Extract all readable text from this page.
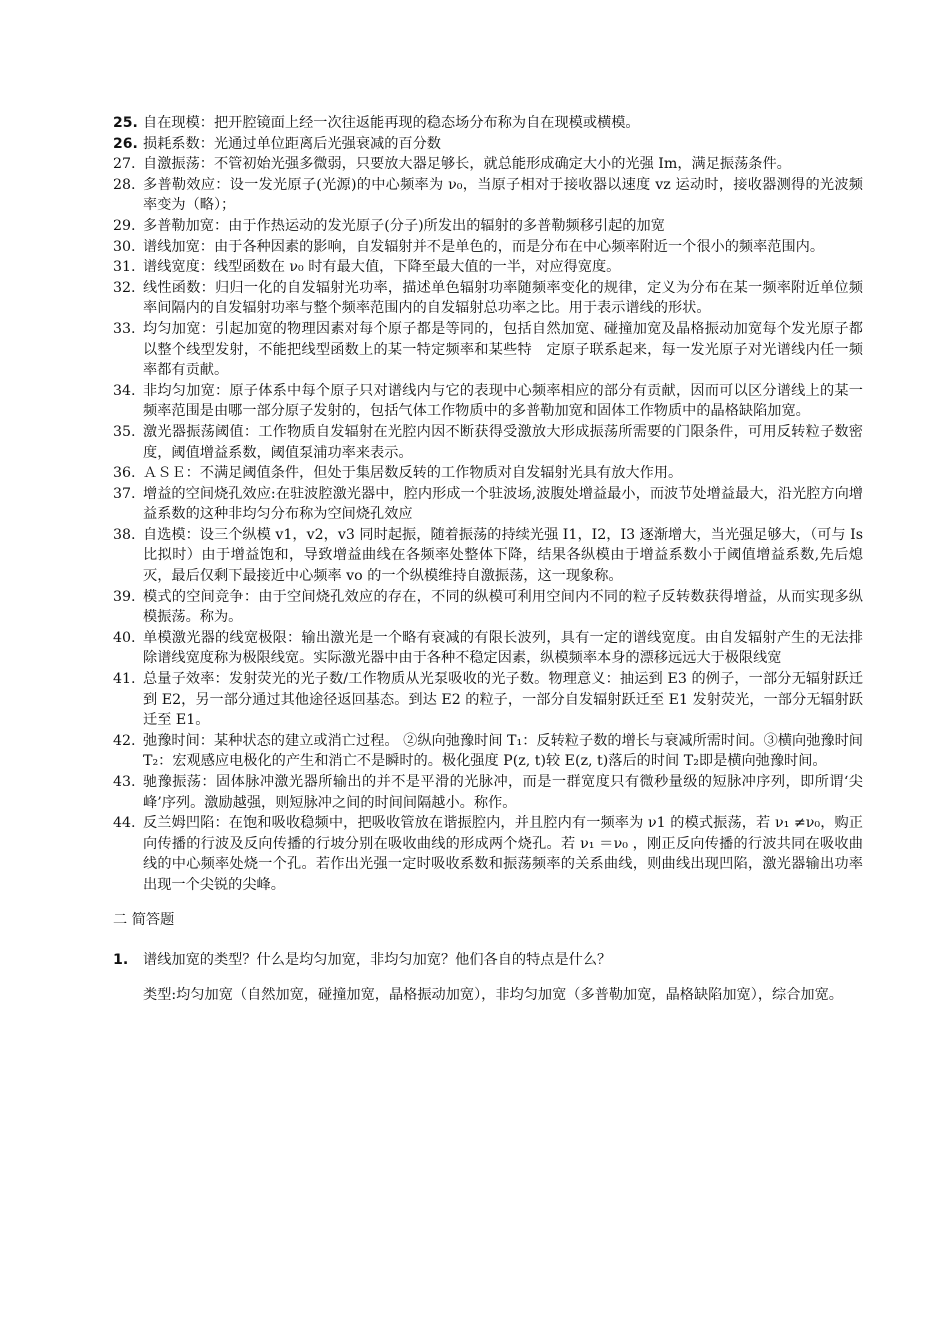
25. 自在现模：把开腔镜面上经一次往返能再现的稳态场分布称为自在现模或横模。
26. 损耗系数：光通过单位距离后光强衰减的百分数
27. 自激振荡：不管初始光强多微弱，只要放大器足够长，就总能形成确定大小的光强 Im，满足振荡条件。
28. 多普勒效应：设一发光原子(光源)的中心频率为 ν₀，当原子相对于接收器以速度 vz 运动时，接收器测得的光波频率变为（略）；
29. 多普勒加宽：由于作热运动的发光原子(分子)所发出的辐射的多普勒频移引起的加宽
30. 谱线加宽：由于各种因素的影响，自发辐射并不是单色的，而是分布在中心频率附近一个很小的频率范围内。
31. 谱线宽度：线型函数在 ν₀ 时有最大值，下降至最大值的一半，对应得宽度。
32. 线性函数：归归一化的自发辐射光功率，描述单色辐射功率随频率变化的规律，定义为分布在某一频率附近单位频率间隔内的自发辐射功率与整个频率范围内的自发辐射总功率之比。用于表示谱线的形状。
33. 均匀加宽：引起加宽的物理因素对每个原子都是等同的，包括自然加宽、碰撞加宽及晶格振动加宽每个发光原子都以整个线型发射，不能把线型函数上的某一特定频率和某些特　定原子联系起来，每一发光原子对光谱线内任一频率都有贡献。
34. 非均匀加宽：原子体系中每个原子只对谱线内与它的表现中心频率相应的部分有贡献，因而可以区分谱线上的某一频率范围是由哪一部分原子发射的，包括气体工作物质中的多普勒加宽和固体工作物质中的晶格缺陷加宽。
35. 激光器振荡阈值：工作物质自发辐射在光腔内因不断获得受激放大形成振荡所需要的门限条件，可用反转粒子数密度，阈值增益系数，阈值泵浦功率来表示。
36. ＡＳＥ：不满足阈值条件，但处于集居数反转的工作物质对自发辐射光具有放大作用。
37. 增益的空间烧孔效应:在驻波腔激光器中，腔内形成一个驻波场,波腹处增益最小，而波节处增益最大，沿光腔方向增益系数的这种非均匀分布称为空间烧孔效应
38. 自选模：设三个纵模 v1，v2，v3 同时起振，随着振荡的持续光强 I1，I2，I3 逐渐增大，当光强足够大，（可与 Is 比拟时）由于增益饱和，导致增益曲线在各频率处整体下降，结果各纵模由于增益系数小于阈值增益系数,先后熄灭，最后仅剩下最接近中心频率 vo 的一个纵模维持自激振荡，这一现象称。
39. 模式的空间竞争：由于空间烧孔效应的存在，不同的纵模可利用空间内不同的粒子反转数获得增益，从而实现多纵模振荡。称为。
40. 单模激光器的线宽极限：输出激光是一个略有衰减的有限长波列，具有一定的谱线宽度。由自发辐射产生的无法排除谱线宽度称为极限线宽。实际激光器中由于各种不稳定因素，纵模频率本身的漂移远远大于极限线宽
41. 总量子效率：发射荧光的光子数/工作物质从光泵吸收的光子数。物理意义：抽运到 E3 的例子，一部分无辐射跃迁到 E2，另一部分通过其他途径返回基态。到达 E2 的粒子，一部分自发辐射跃迁至 E1 发射荧光，一部分无辐射跃迁至 E1。
42. 弛豫时间：某种状态的建立或消亡过程。 ②纵向弛豫时间 T₁：反转粒子数的增长与衰减所需时间。③横向弛豫时间 T₂：宏观感应电极化的产生和消亡不是瞬时的。极化强度 P(z, t)较 E(z, t)落后的时间 T₂即是横向弛豫时间。
43. 驰豫振荡：固体脉冲激光器所输出的并不是平滑的光脉冲，而是一群宽度只有微秒量级的短脉冲序列，即所谓‘尖峰’序列。激励越强，则短脉冲之间的时间间隔越小。称作。
44. 反兰姆凹陷：在饱和吸收稳频中，把吸收管放在谐振腔内，并且腔内有一频率为 ν1 的模式振荡，若 ν₁ ≠ν₀，购正向传播的行波及反向传播的行坡分别在吸收曲线的形成两个烧孔。若 ν₁ ＝ν₀ ，刚正反向传播的行波共同在吸收曲线的中心频率处烧一个孔。若作出光强一定时吸收系数和振荡频率的关系曲线，则曲线出现凹陷，激光器输出功率出现一个尖锐的尖峰。
二 简答题
1.	谱线加宽的类型？什么是均匀加宽，非均匀加宽？他们各自的特点是什么？
类型:均匀加宽（自然加宽，碰撞加宽，晶格振动加宽），非均匀加宽（多普勒加宽，晶格缺陷加宽），综合加宽。
